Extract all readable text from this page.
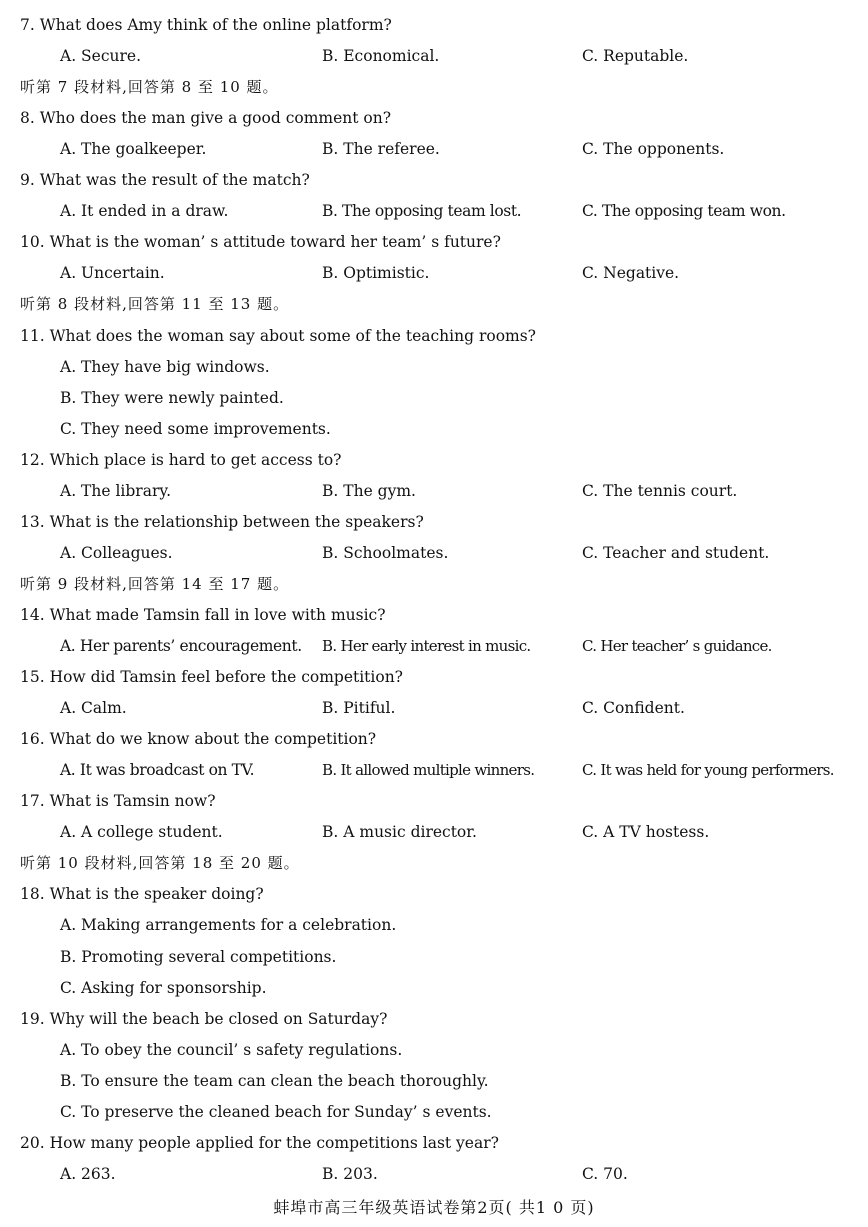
蚌埠市高三年级英语试卷第2页( 共1 0 页)
7. What does Amy think of the online platform?
A. Secure.	B. Economical.	C. Reputable.
听第 7 段材料,回答第 8 至 10 题。
8. Who does the man give a good comment on?
A. The goalkeeper.	B. The referee.	C. The opponents.
9. What was the result of the match?
A. It ended in a draw.	B. The opposing team lost.	C. The opposing team won.
10. What is the woman’ s attitude toward her team’ s future?
A. Uncertain.	B. Optimistic.	C. Negative.
听第 8 段材料,回答第 11 至 13 题。
11. What does the woman say about some of the teaching rooms?
A. They have big windows.
B. They were newly painted.
C. They need some improvements.
12. Which place is hard to get access to?
A. The library.	B. The gym.	C. The tennis court.
13. What is the relationship between the speakers?
A. Colleagues.	B. Schoolmates.	C. Teacher and student.
听第 9 段材料,回答第 14 至 17 题。
14. What made Tamsin fall in love with music?
A. Her parents’ encouragement. B. Her early interest in music.	C. Her teacher’ s guidance.
15. How did Tamsin feel before the competition?
A. Calm.	B. Pitiful.	C. Confident.
16. What do we know about the competition?
A. It was broadcast on TV.	B. It allowed multiple winners.	C. It was held for young performers.
17. What is Tamsin now?
A. A college student.	B. A music director.	C. A TV hostess.
听第 10 段材料,回答第 18 至 20 题。
18. What is the speaker doing?
A. Making arrangements for a celebration.
B. Promoting several competitions.
C. Asking for sponsorship.
19. Why will the beach be closed on Saturday?
A. To obey the council’ s safety regulations.
B. To ensure the team can clean the beach thoroughly.
C. To preserve the cleaned beach for Sunday’ s events.
20. How many people applied for the competitions last year?
A. 263.	B. 203.	C. 70.
